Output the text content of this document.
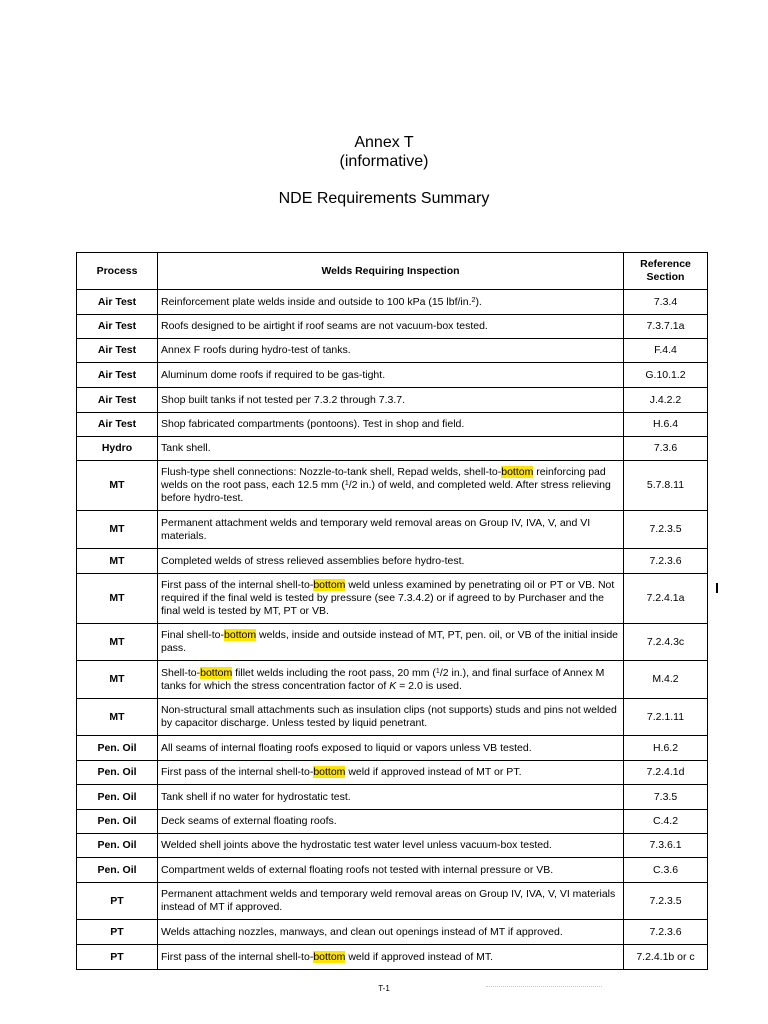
Annex T
(informative)
NDE Requirements Summary
Process	Welds Requiring Inspection	Reference
Section
Air Test	Reinforcement plate welds inside and outside to 100 kPa (15 lbf/in.$^2$).	7.3.4
Air Test	Roofs designed to be airtight if roof seams are not vacuum-box tested.	7.3.7.1a
Air Test	Annex F roofs during hydro-test of tanks.	F.4.4
Air Test	Aluminum dome roofs if required to be gas-tight.	G.10.1.2
Air Test	Shop built tanks if not tested per 7.3.2 through 7.3.7.	J.4.2.2
Air Test	Shop fabricated compartments (pontoons). Test in shop and field.	H.6.4
Hydro	Tank shell.	7.3.6
MT	Flush-type shell connections: Nozzle-to-tank shell, Repad welds, shell-to-bottom reinforcing pad welds on the root pass, each 12.5 mm ($^1$/2 in.) of weld, and completed weld. After stress relieving before hydro-test.	5.7.8.11
MT	Permanent attachment welds and temporary weld removal areas on Group IV, IVA, V, and VI materials.	7.2.3.5
MT	Completed welds of stress relieved assemblies before hydro-test.	7.2.3.6
MT	First pass of the internal shell-to-bottom weld unless examined by penetrating oil or PT or VB. Not required if the final weld is tested by pressure (see 7.3.4.2) or if agreed to by Purchaser and the final weld is tested by MT, PT or VB.	7.2.4.1a
MT	Final shell-to-bottom welds, inside and outside instead of MT, PT, pen. oil, or VB of the initial inside pass.	7.2.4.3c
MT	Shell-to-bottom fillet welds including the root pass, 20 mm ($^1$/2 in.), and final surface of Annex M tanks for which the stress concentration factor of K = 2.0 is used.	M.4.2
MT	Non-structural small attachments such as insulation clips (not supports) studs and pins not welded by capacitor discharge. Unless tested by liquid penetrant.	7.2.1.11
Pen. Oil	All seams of internal floating roofs exposed to liquid or vapors unless VB tested.	H.6.2
Pen. Oil	First pass of the internal shell-to-bottom weld if approved instead of MT or PT.	7.2.4.1d
Pen. Oil	Tank shell if no water for hydrostatic test.	7.3.5
Pen. Oil	Deck seams of external floating roofs.	C.4.2
Pen. Oil	Welded shell joints above the hydrostatic test water level unless vacuum-box tested.	7.3.6.1
Pen. Oil	Compartment welds of external floating roofs not tested with internal pressure or VB.	C.3.6
PT	Permanent attachment welds and temporary weld removal areas on Group IV, IVA, V, VI materials instead of MT if approved.	7.2.3.5
PT	Welds attaching nozzles, manways, and clean out openings instead of MT if approved.	7.2.3.6
PT	First pass of the internal shell-to-bottom weld if approved instead of MT.	7.2.4.1b or c
T-1
